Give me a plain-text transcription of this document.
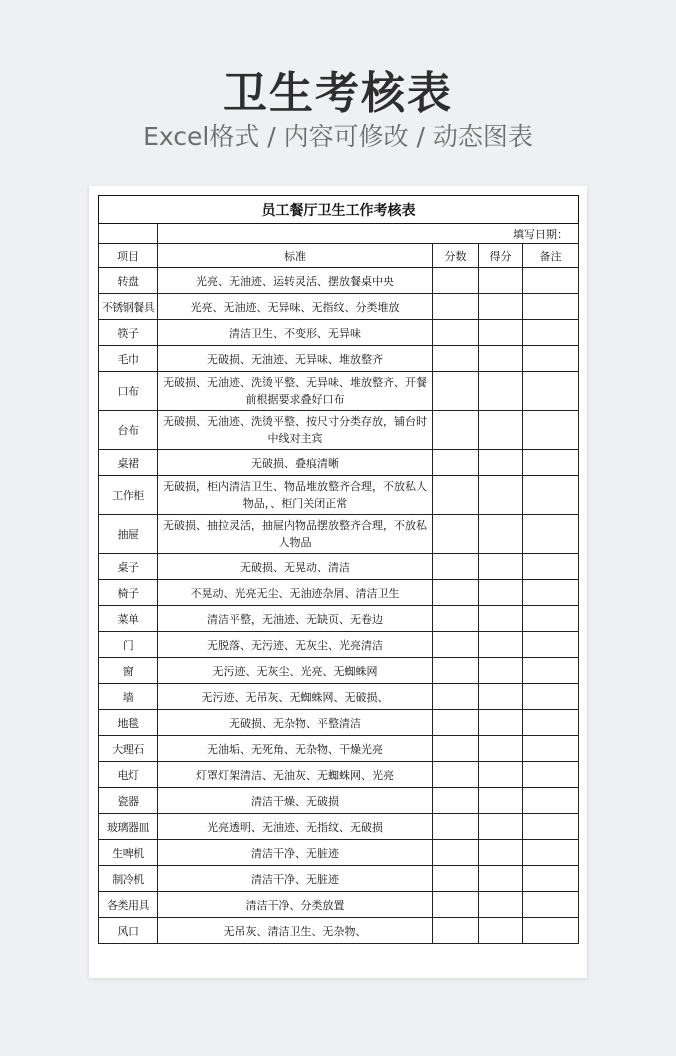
卫生考核表
Excel格式 / 内容可修改 / 动态图表
员工餐厅卫生工作考核表				
	填写日期：			
项目	标准	分数	得分	备注
转盘	光亮、无油迹、运转灵活、摆放餐桌中央			
不锈钢餐具	光亮、无油迹、无异味、无指纹、分类堆放			
筷子	清洁卫生、不变形、无异味			
毛巾	无破损、无油迹、无异味、堆放整齐			
口布	无破损、无油迹、洗烫平整、无异味、堆放整齐、开餐前根据要求叠好口布			
台布	无破损、无油迹、洗烫平整、按尺寸分类存放，铺台时中线对主宾			
桌裙	无破损、叠痕清晰			
工作柜	无破损，柜内清洁卫生、物品堆放整齐合理，不放私人物品，、柜门关闭正常			
抽屉	无破损、抽拉灵活，抽屉内物品摆放整齐合理，不放私人物品			
桌子	无破损、无晃动、清洁			
椅子	不晃动、光亮无尘、无油迹杂屑、清洁卫生			
菜单	清洁平整，无油迹、无缺页、无卷边			
门	无脱落、无污迹、无灰尘、光亮清洁			
窗	无污迹、无灰尘、光亮、无蜘蛛网			
墙	无污迹、无吊灰、无蜘蛛网、无破损、			
地毯	无破损、无杂物、平整清洁			
大理石	无油垢、无死角、无杂物、干燥光亮			
电灯	灯罩灯架清洁、无油灰、无蜘蛛网、光亮			
瓷器	清洁干燥、无破损			
玻璃器皿	光亮透明、无油迹、无指纹、无破损			
生啤机	清洁干净、无脏迹			
制冷机	清洁干净、无脏迹			
各类用具	清洁干净、分类放置			
风口	无吊灰、清洁卫生、无杂物、			
